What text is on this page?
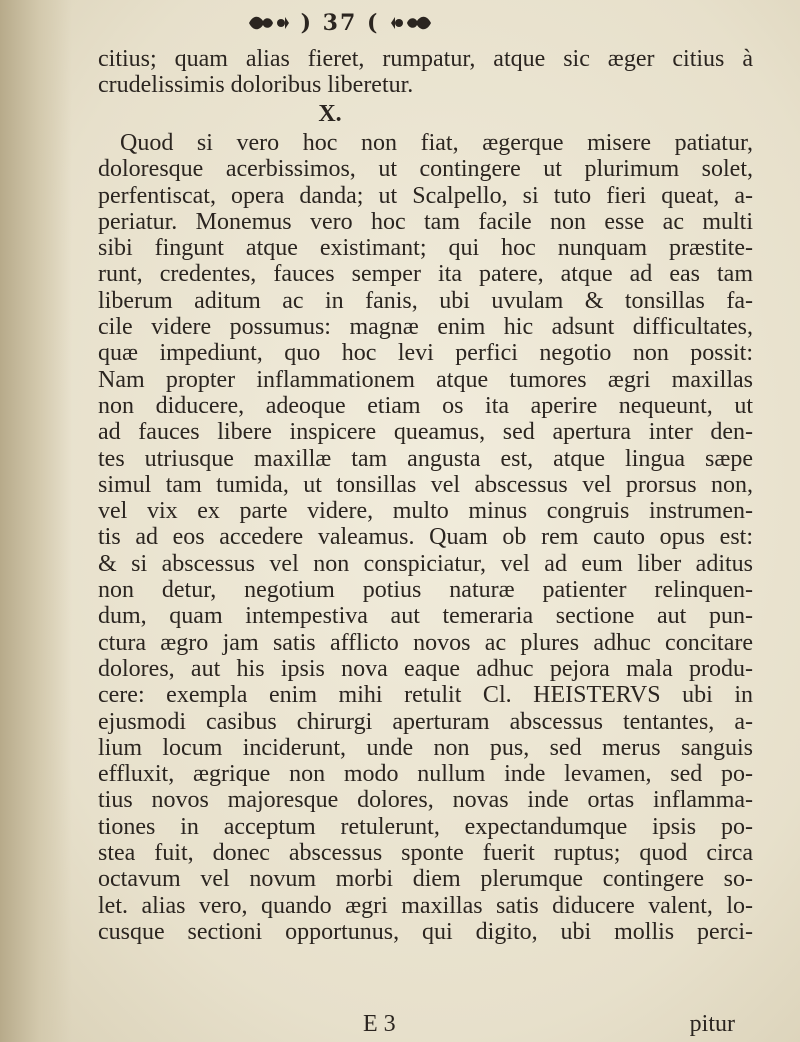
) 37 (
citius; quam alias fieret, rumpatur, atque sic æger citius à
crudelissimis doloribus liberetur.
X.
Quod si vero hoc non fiat, ægerque misere patiatur,
doloresque acerbissimos, ut contingere ut plurimum solet,
perfentiscat, opera danda; ut Scalpello, si tuto fieri queat, a-
periatur. Monemus vero hoc tam facile non esse ac multi
sibi fingunt atque existimant; qui hoc nunquam præstite-
runt, credentes, fauces semper ita patere, atque ad eas tam
liberum aditum ac in fanis, ubi uvulam & tonsillas fa-
cile videre possumus: magnæ enim hic adsunt difficultates,
quæ impediunt, quo hoc levi perfici negotio non possit:
Nam propter inflammationem atque tumores ægri maxillas
non diducere, adeoque etiam os ita aperire nequeunt, ut
ad fauces libere inspicere queamus, sed apertura inter den-
tes utriusque maxillæ tam angusta est, atque lingua sæpe
simul tam tumida, ut tonsillas vel abscessus vel prorsus non,
vel vix ex parte videre, multo minus congruis instrumen-
tis ad eos accedere valeamus. Quam ob rem cauto opus est:
& si abscessus vel non conspiciatur, vel ad eum liber aditus
non detur, negotium potius naturæ patienter relinquen-
dum, quam intempestiva aut temeraria sectione aut pun-
ctura ægro jam satis afflicto novos ac plures adhuc concitare
dolores, aut his ipsis nova eaque adhuc pejora mala produ-
cere: exempla enim mihi retulit Cl. HEISTERVS ubi in
ejusmodi casibus chirurgi aperturam abscessus tentantes, a-
lium locum inciderunt, unde non pus, sed merus sanguis
effluxit, ægrique non modo nullum inde levamen, sed po-
tius novos majoresque dolores, novas inde ortas inflamma-
tiones in acceptum retulerunt, expectandumque ipsis po-
stea fuit, donec abscessus sponte fuerit ruptus; quod circa
octavum vel novum morbi diem plerumque contingere so-
let. alias vero, quando ægri maxillas satis diducere valent, lo-
cusque sectioni opportunus, qui digito, ubi mollis perci-
E 3	pitur
